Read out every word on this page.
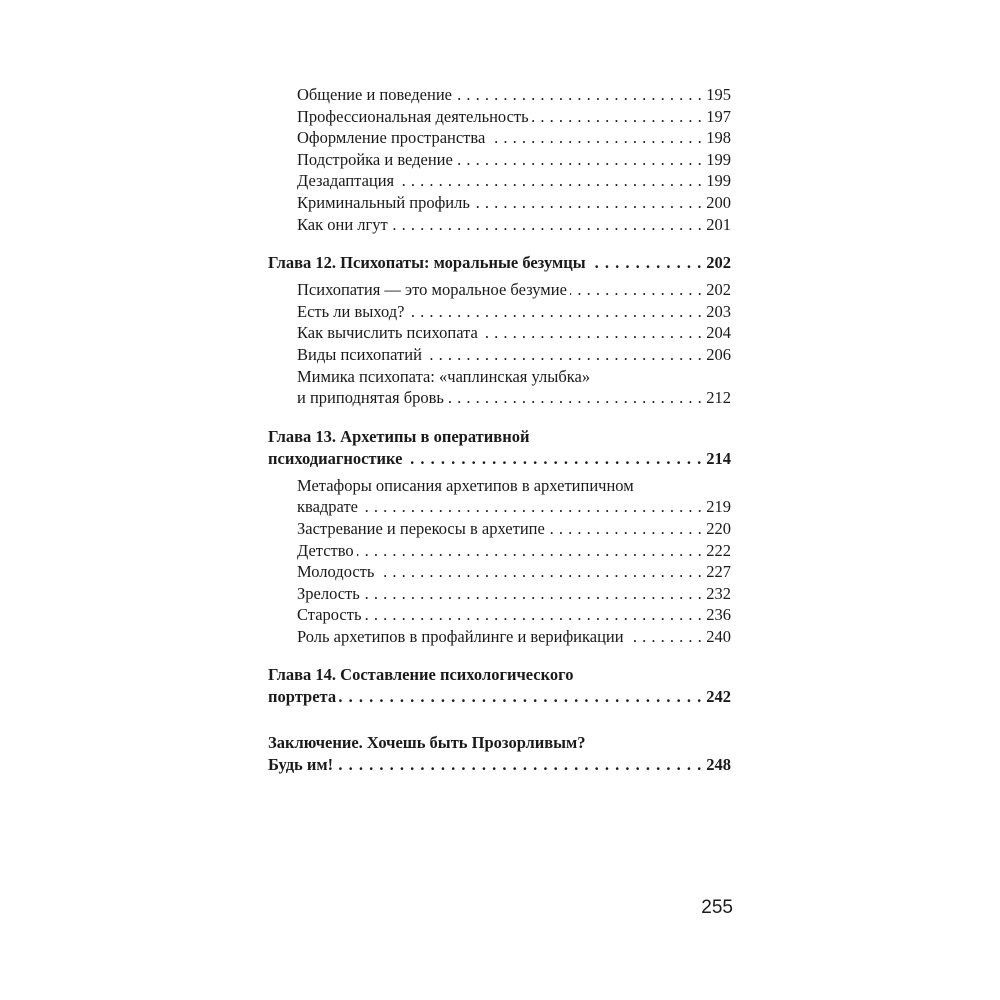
Общение и поведение . . .	195
Профессиональная деятельность . . .	197
Оформление пространства . . .	198
Подстройка и ведение . . .	199
Дезадаптация . . .	199
Криминальный профиль . . .	200
Как они лгут . . .	201
Глава 12. Психопаты: моральные безумцы . . .	202
Психопатия — это моральное безумие . . .	202
Есть ли выход? . . .	203
Как вычислить психопата . . .	204
Виды психопатий . . .	206
Мимика психопата: «чаплинская улыбка»
и приподнятая бровь . . .	212
Глава 13. Архетипы в оперативной
психодиагностике . . .	214
Метафоры описания архетипов в архетипичном
квадрате . . .	219
Застревание и перекосы в архетипе . . .	220
Детство . . .	222
Молодость . . .	227
Зрелость . . .	232
Старость . . .	236
Роль архетипов в профайлинге и верификации . . .	240
Глава 14. Составление психологического
портрета . . .	242
Заключение. Хочешь быть Прозорливым?
Будь им! . . .	248
255
